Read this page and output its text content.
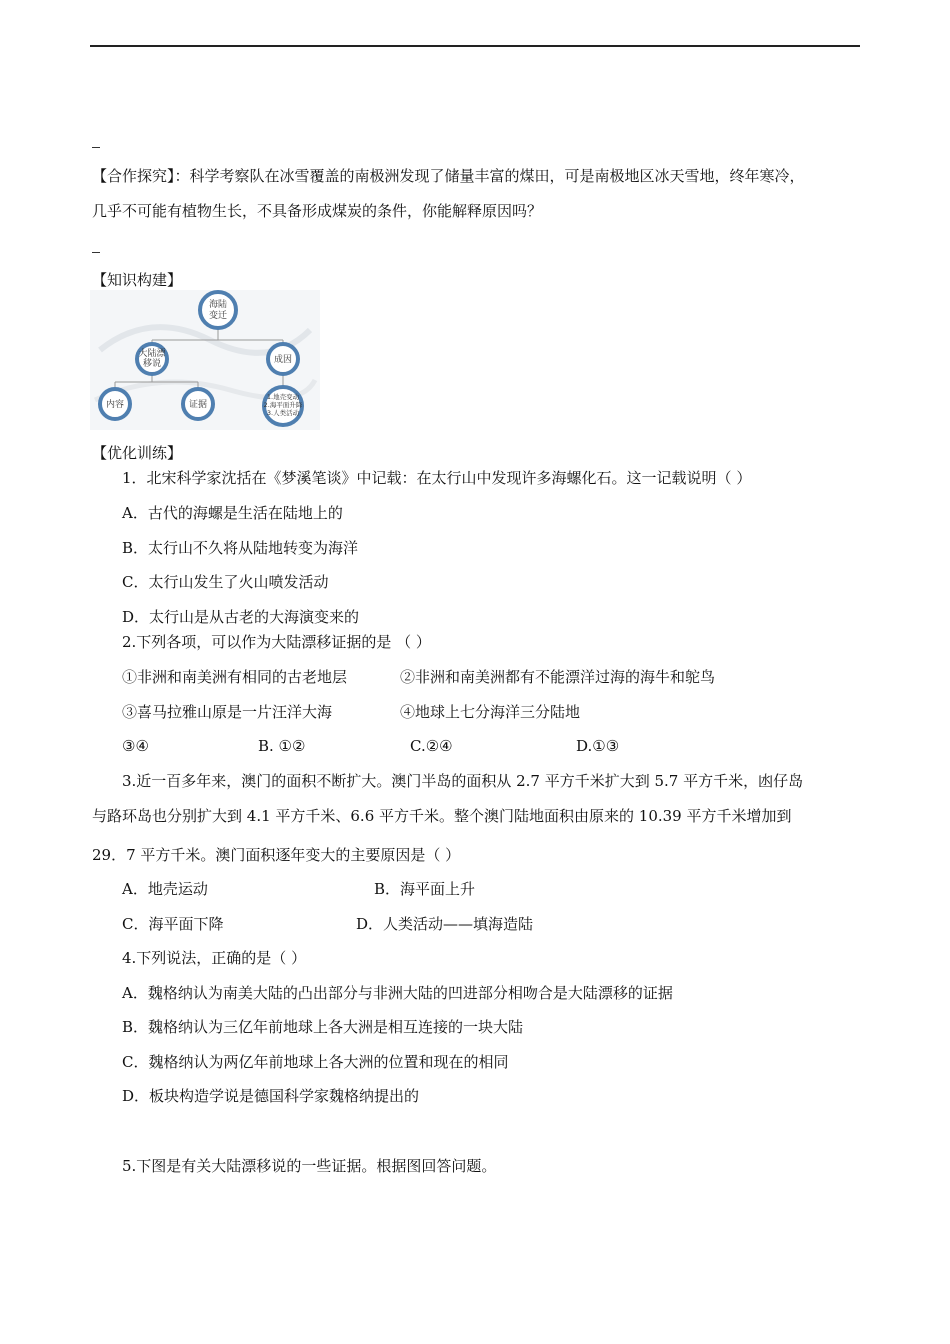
【合作探究】：科学考察队在冰雪覆盖的南极洲发现了储量丰富的煤田，可是南极地区冰天雪地，终年寒冷，
几乎不可能有植物生长，不具备形成煤炭的条件，你能解释原因吗？
【知识构建】
海陆
变迁
大陆漂
移说	成因
内容	证据
1.地壳变动
2.海平面升降
3.人类活动
【优化训练】
1．北宋科学家沈括在《梦溪笔谈》中记载：在太行山中发现许多海螺化石。这一记载说明（ ）
A．古代的海螺是生活在陆地上的
B．太行山不久将从陆地转变为海洋
C．太行山发生了火山喷发活动
D．太行山是从古老的大海演变来的
2.下列各项，可以作为大陆漂移证据的是 （ ）
①非洲和南美洲有相同的古老地层	②非洲和南美洲都有不能漂洋过海的海牛和鸵鸟
③喜马拉雅山原是一片汪洋大海	④地球上七分海洋三分陆地
③④	B. ①②	C.②④	D.①③
3.近一百多年来，澳门的面积不断扩大。澳门半岛的面积从 2.7 平方千米扩大到 5.7 平方千米，凼仔岛
与路环岛也分别扩大到 4.1 平方千米、6.6 平方千米。整个澳门陆地面积由原来的 10.39 平方千米增加到
29．7 平方千米。澳门面积逐年变大的主要原因是（ ）
A．地壳运动	B．海平面上升
C．海平面下降	D．人类活动——填海造陆
4.下列说法，正确的是（ ）
A．魏格纳认为南美大陆的凸出部分与非洲大陆的凹进部分相吻合是大陆漂移的证据
B．魏格纳认为三亿年前地球上各大洲是相互连接的一块大陆
C．魏格纳认为两亿年前地球上各大洲的位置和现在的相同
D．板块构造学说是德国科学家魏格纳提出的
5.下图是有关大陆漂移说的一些证据。根据图回答问题。
